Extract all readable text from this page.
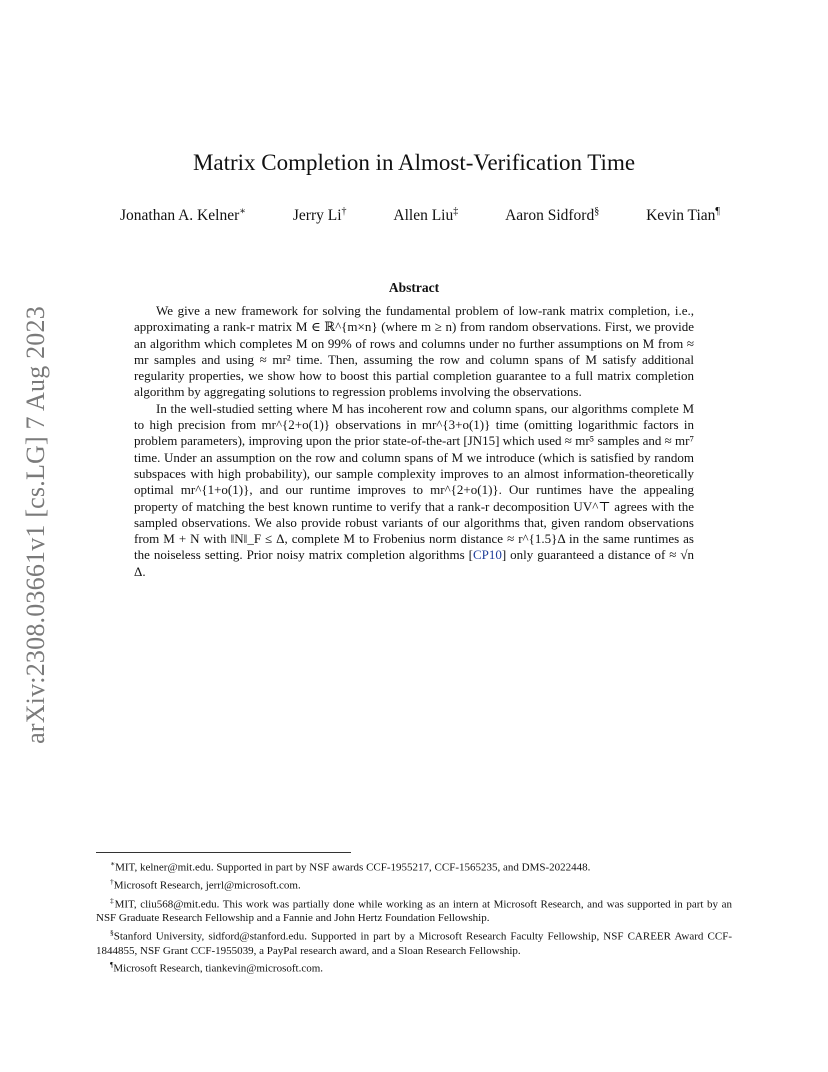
arXiv:2308.03661v1 [cs.LG] 7 Aug 2023
Matrix Completion in Almost-Verification Time
Jonathan A. Kelner∗	Jerry Li†	Allen Liu‡	Aaron Sidford§	Kevin Tian¶
Abstract

We give a new framework for solving the fundamental problem of low-rank matrix completion, i.e., approximating a rank-r matrix M ∈ ℝ^{m×n} (where m ≥ n) from random observations. First, we provide an algorithm which completes M on 99% of rows and columns under no further assumptions on M from ≈ mr samples and using ≈ mr² time. Then, assuming the row and column spans of M satisfy additional regularity properties, we show how to boost this partial completion guarantee to a full matrix completion algorithm by aggregating solutions to regression problems involving the observations.

In the well-studied setting where M has incoherent row and column spans, our algorithms complete M to high precision from mr^{2+o(1)} observations in mr^{3+o(1)} time (omitting logarithmic factors in problem parameters), improving upon the prior state-of-the-art [JN15] which used ≈ mr⁵ samples and ≈ mr⁷ time. Under an assumption on the row and column spans of M we introduce (which is satisfied by random subspaces with high probability), our sample complexity improves to an almost information-theoretically optimal mr^{1+o(1)}, and our runtime improves to mr^{2+o(1)}. Our runtimes have the appealing property of matching the best known runtime to verify that a rank-r decomposition UV^⊤ agrees with the sampled observations. We also provide robust variants of our algorithms that, given random observations from M + N with ‖N‖_F ≤ Δ, complete M to Frobenius norm distance ≈ r^{1.5}Δ in the same runtimes as the noiseless setting. Prior noisy matrix completion algorithms [CP10] only guaranteed a distance of ≈ √n Δ.

∗MIT, kelner@mit.edu. Supported in part by NSF awards CCF-1955217, CCF-1565235, and DMS-2022448.

†Microsoft Research, jerrl@microsoft.com.

‡MIT, cliu568@mit.edu. This work was partially done while working as an intern at Microsoft Research, and was supported in part by an NSF Graduate Research Fellowship and a Fannie and John Hertz Foundation Fellowship.

§Stanford University, sidford@stanford.edu. Supported in part by a Microsoft Research Faculty Fellowship, NSF CAREER Award CCF-1844855, NSF Grant CCF-1955039, a PayPal research award, and a Sloan Research Fellowship.

¶Microsoft Research, tiankevin@microsoft.com.
